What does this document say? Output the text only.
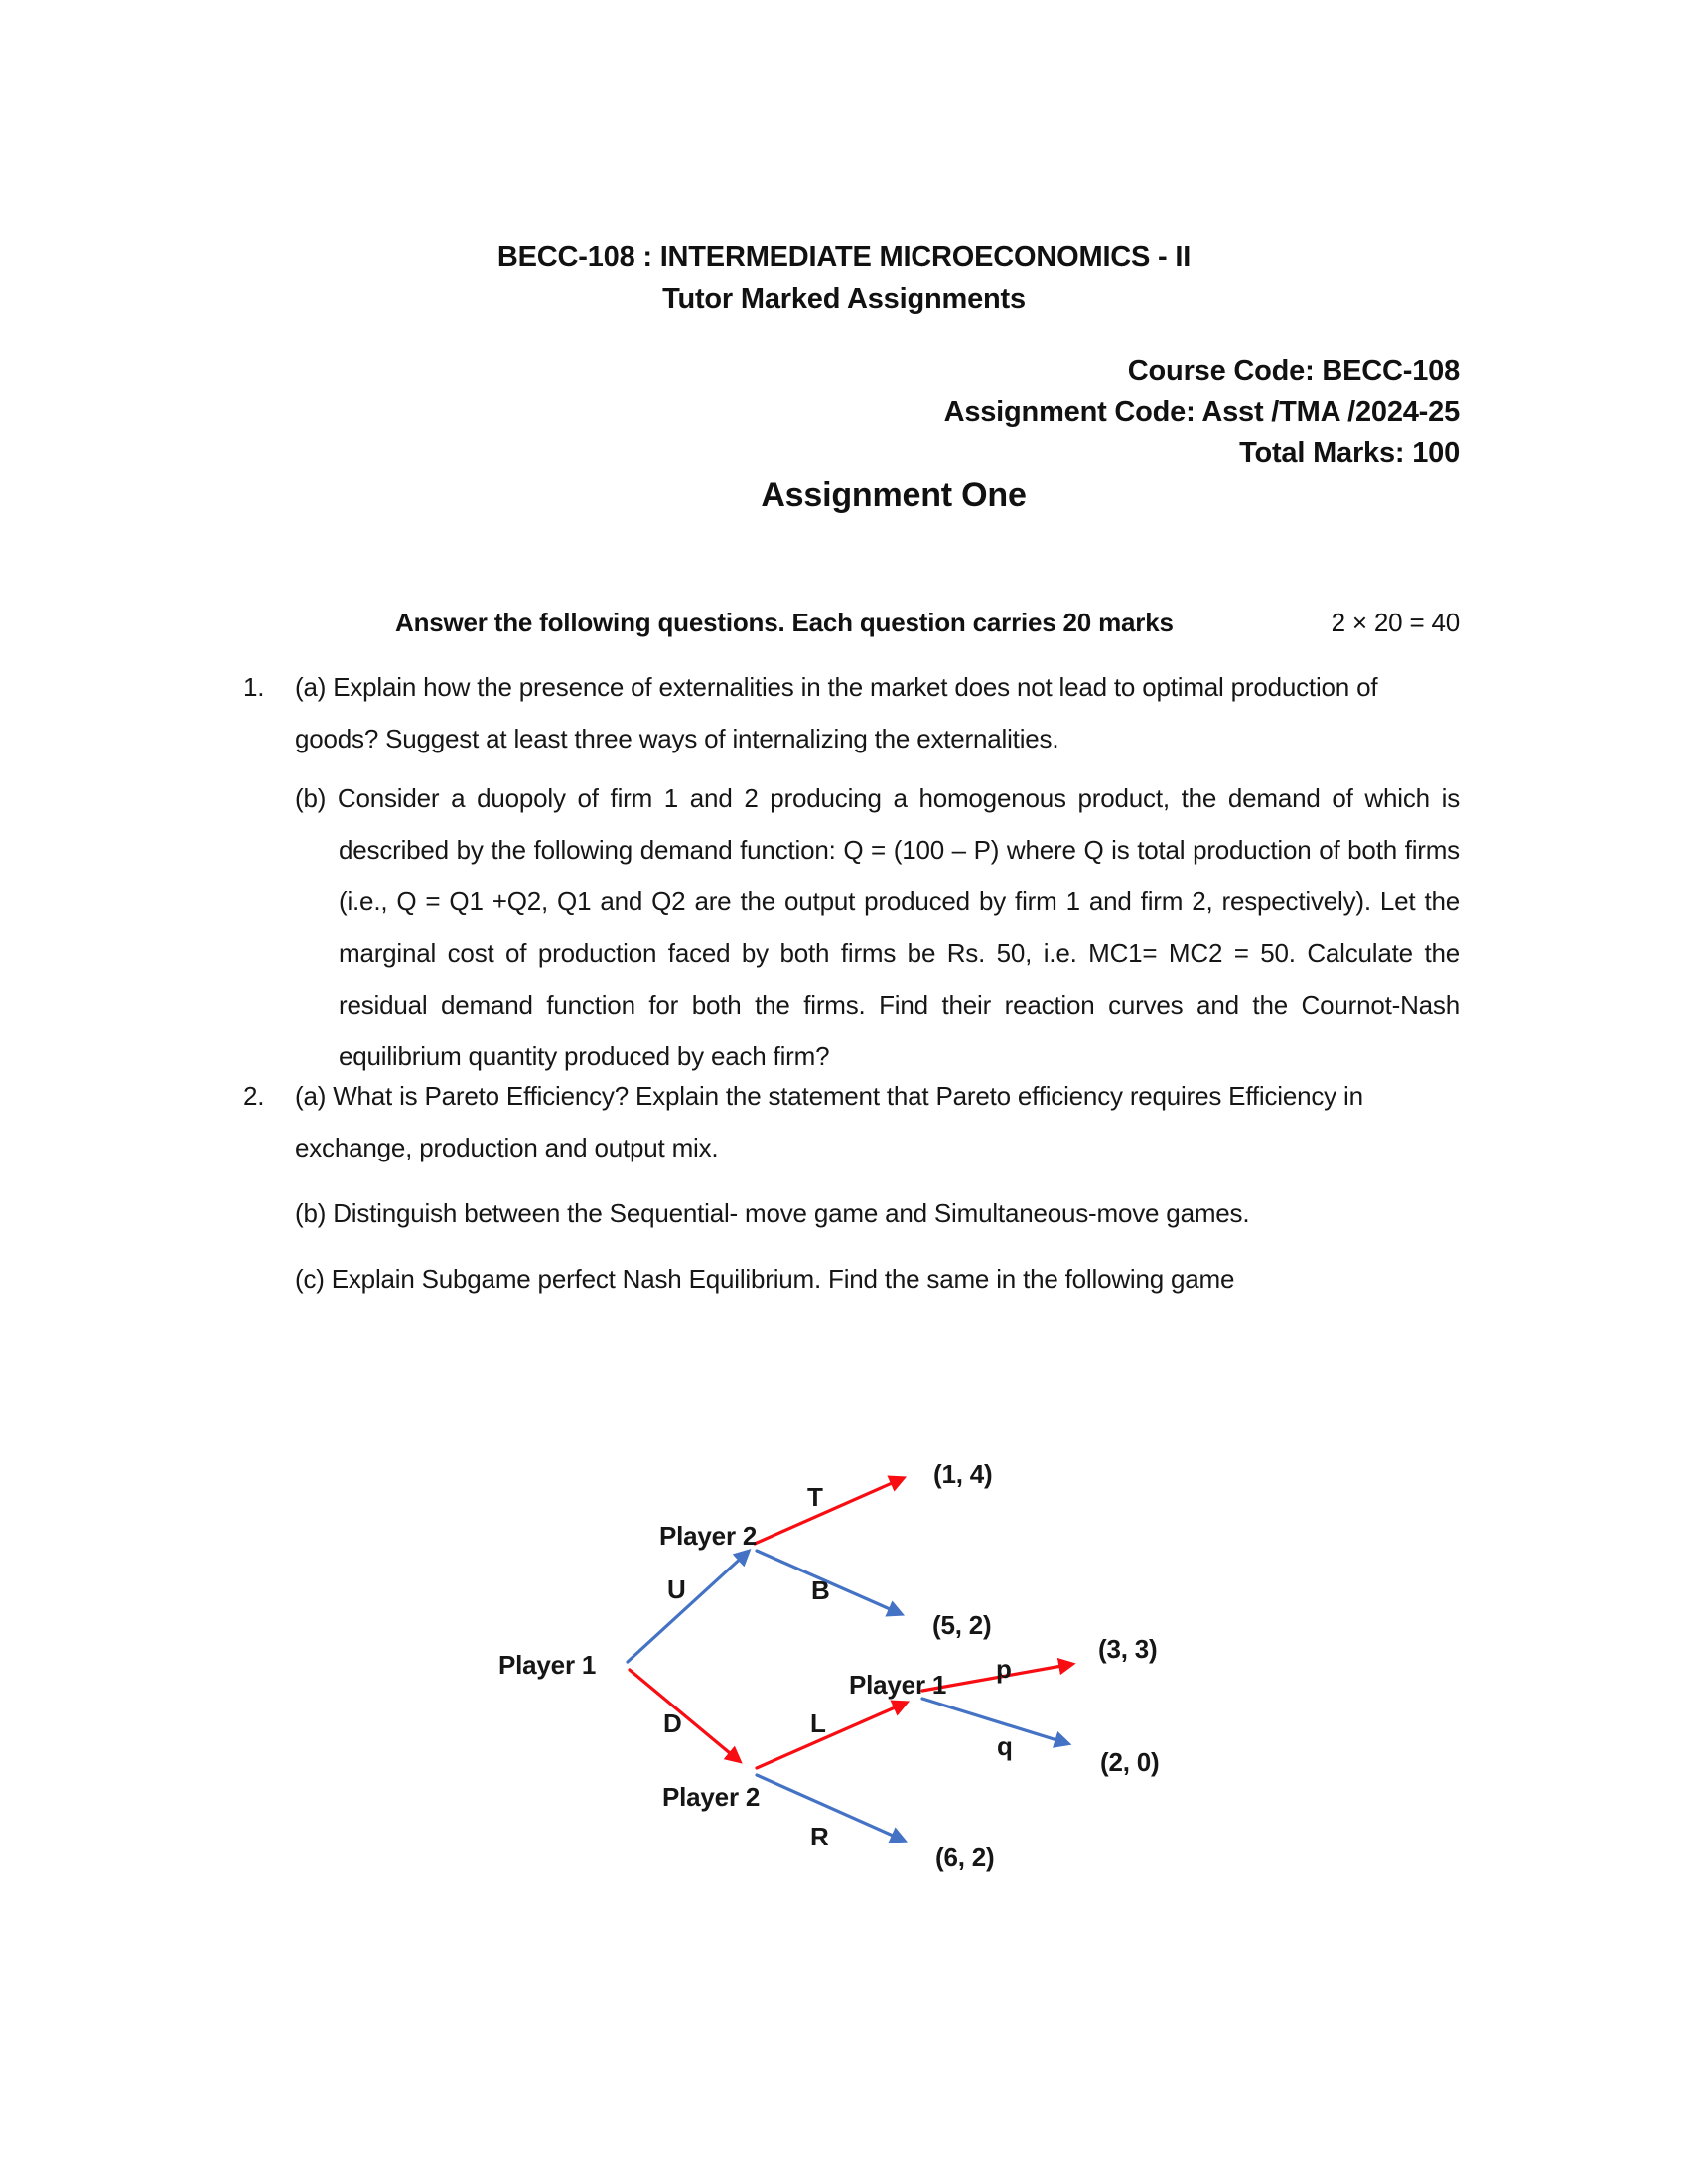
BECC-108 : INTERMEDIATE MICROECONOMICS - II
Tutor Marked Assignments
Course Code: BECC-108
Assignment Code: Asst /TMA /2024-25
Total Marks: 100
Assignment One
Answer the following questions. Each question carries 20 marks	2 × 20 = 40
1. (a) Explain how the presence of externalities in the market does not lead to optimal production of goods? Suggest at least three ways of internalizing the externalities.
(b) Consider a duopoly of firm 1 and 2 producing a homogenous product, the demand of which is described by the following demand function: Q = (100 – P) where Q is total production of both firms (i.e., Q = Q1 +Q2, Q1 and Q2 are the output produced by firm 1 and firm 2, respectively). Let the marginal cost of production faced by both firms be Rs. 50, i.e. MC1= MC2 = 50. Calculate the residual demand function for both the firms. Find their reaction curves and the Cournot-Nash equilibrium quantity produced by each firm?
2. (a) What is Pareto Efficiency? Explain the statement that Pareto efficiency requires Efficiency in exchange, production and output mix.
(b) Distinguish between the Sequential- move game and Simultaneous-move games.
(c) Explain Subgame perfect Nash Equilibrium. Find the same in the following game
Player 1
Player 2
Player 2
Player 1
U
D
T
B
L
R
p
q
(1, 4)
(5, 2)
(3, 3)
(2, 0)
(6, 2)
